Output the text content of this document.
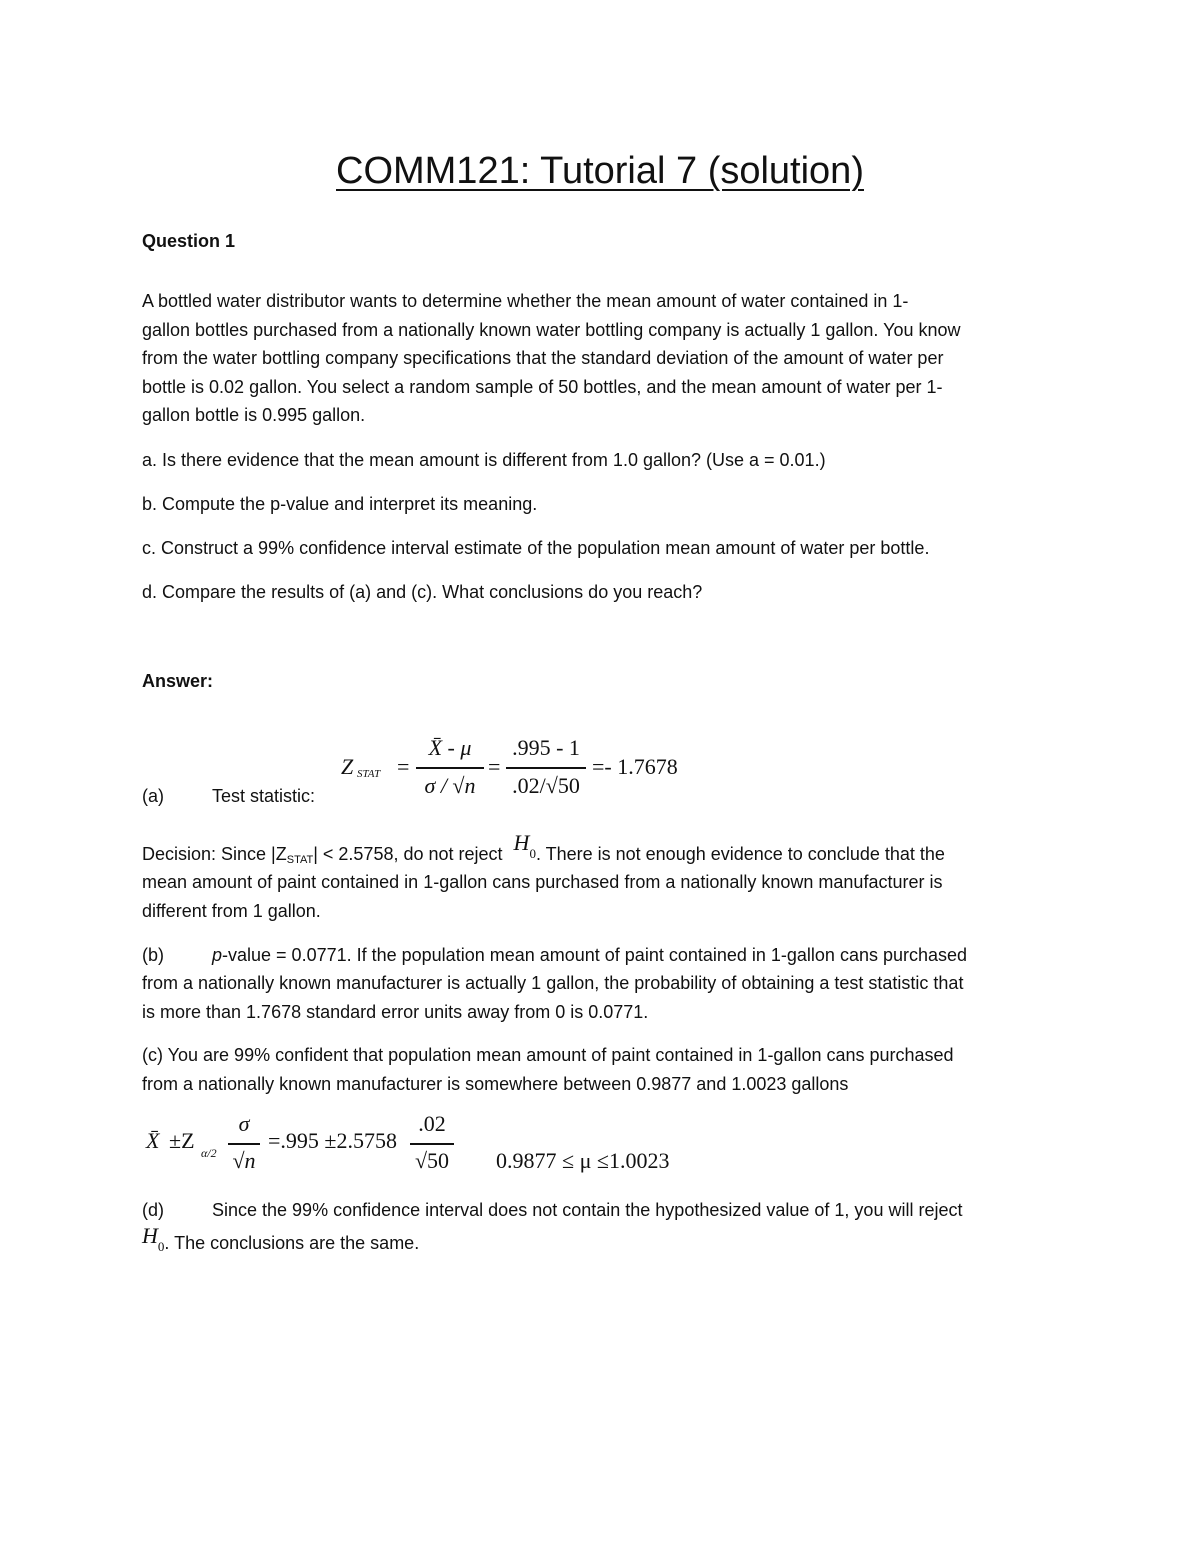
COMM121: Tutorial 7 (solution)
Question 1
A bottled water distributor wants to determine whether the mean amount of water contained in 1-
gallon bottles purchased from a nationally known water bottling company is actually 1 gallon. You know
from the water bottling company specifications that the standard deviation of the amount of water per
bottle is 0.02 gallon. You select a random sample of 50 bottles, and the mean amount of water per 1-
gallon bottle is 0.995 gallon.
a. Is there evidence that the mean amount is different from 1.0 gallon? (Use a = 0.01.)
b. Compute the p-value and interpret its meaning.
c. Construct a 99% confidence interval estimate of the population mean amount of water per bottle.
d. Compare the results of (a) and (c). What conclusions do you reach?
Answer:
(a)	Test statistic:
Z STAT =
X̄ - μ
σ / √n
=
.995 - 1
.02/√50
=- 1.7678
Decision: Since |ZSTAT| < 2.5758, do not reject $H_0$. There is not enough evidence to conclude that the
mean amount of paint contained in 1-gallon cans purchased from a nationally known manufacturer is
different from 1 gallon.
(b)	p-value = 0.0771. If the population mean amount of paint contained in 1-gallon cans purchased
from a nationally known manufacturer is actually 1 gallon, the probability of obtaining a test statistic that
is more than 1.7678 standard error units away from 0 is 0.0771.
(c) You are 99% confident that population mean amount of paint contained in 1-gallon cans purchased
from a nationally known manufacturer is somewhere between 0.9877 and 1.0023 gallons
X̄ ±Z α/2
σ
√n
=.995 ±2.5758
.02
√50	0.9877 ≤ μ ≤1.0023
(d)	Since the 99% confidence interval does not contain the hypothesized value of 1, you will reject
$H_0$. The conclusions are the same.
